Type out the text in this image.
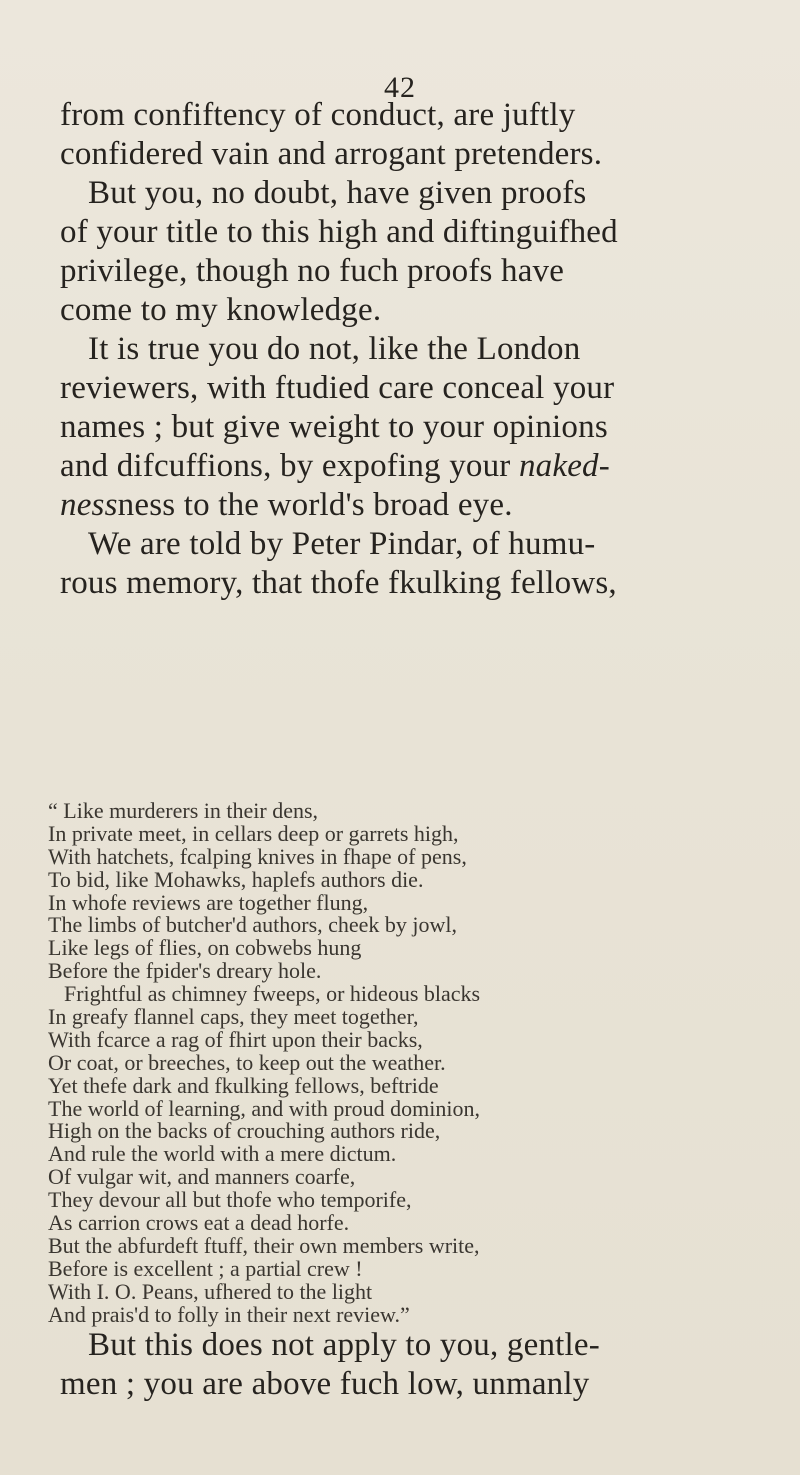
42
from confiftency of conduct, are juftly
confidered vain and arrogant pretenders.
But you, no doubt, have given proofs
of your title to this high and diftinguifhed
privilege, though no fuch proofs have
come to my knowledge.
It is true you do not, like the London
reviewers, with ftudied care conceal your
names ; but give weight to your opinions
and difcuffions, by expofing your naked-
nessness to the world's broad eye.
We are told by Peter Pindar, of humu-
rous memory, that thofe fkulking fellows,
“ Like murderers in their dens,
In private meet, in cellars deep or garrets high,
With hatchets, fcalping knives in fhape of pens,
To bid, like Mohawks, haplefs authors die.
In whofe reviews are together flung,
The limbs of butcher'd authors, cheek by jowl,
Like legs of flies, on cobwebs hung
Before the fpider's dreary hole.
Frightful as chimney fweeps, or hideous blacks
In greafy flannel caps, they meet together,
With fcarce a rag of fhirt upon their backs,
Or coat, or breeches, to keep out the weather.
Yet thefe dark and fkulking fellows, beftride
The world of learning, and with proud dominion,
High on the backs of crouching authors ride,
And rule the world with a mere dictum.
Of vulgar wit, and manners coarfe,
They devour all but thofe who temporife,
As carrion crows eat a dead horfe.
But the abfurdeft ftuff, their own members write,
Before is excellent ; a partial crew !
With I. O. Peans, ufhered to the light
And prais'd to folly in their next review.”
But this does not apply to you, gentle-
men ; you are above fuch low, unmanly
